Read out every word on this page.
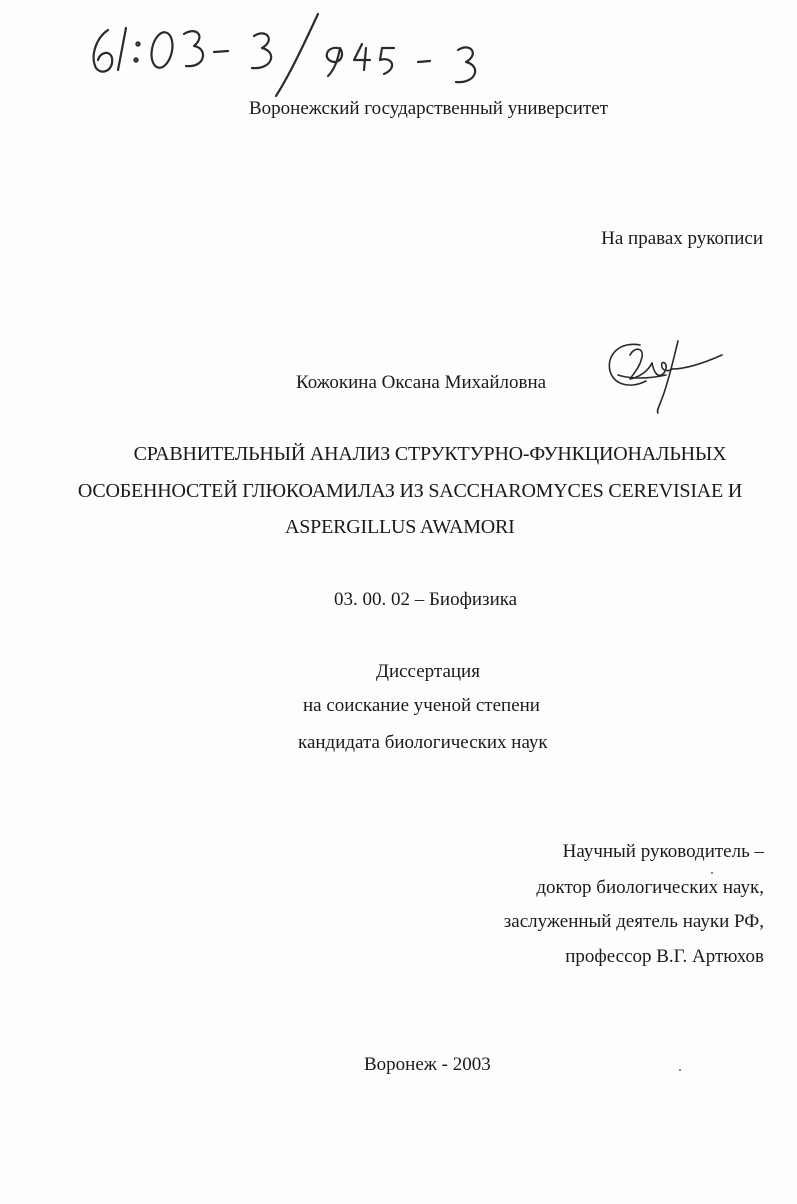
Воронежский государственный университет
На правах рукописи
Кожокина Оксана Михайловна
СРАВНИТЕЛЬНЫЙ АНАЛИЗ СТРУКТУРНО-ФУНКЦИОНАЛЬНЫХ
ОСОБЕННОСТЕЙ ГЛЮКОАМИЛАЗ ИЗ SACCHAROMYCES CEREVISIAE И
ASPERGILLUS AWAMORI
03. 00. 02 – Биофизика
Диссертация
на соискание ученой степени
кандидата биологических наук
Научный руководитель –
доктор биологических наук,
заслуженный деятель науки РФ,
профессор В.Г. Артюхов
Воронеж - 2003
